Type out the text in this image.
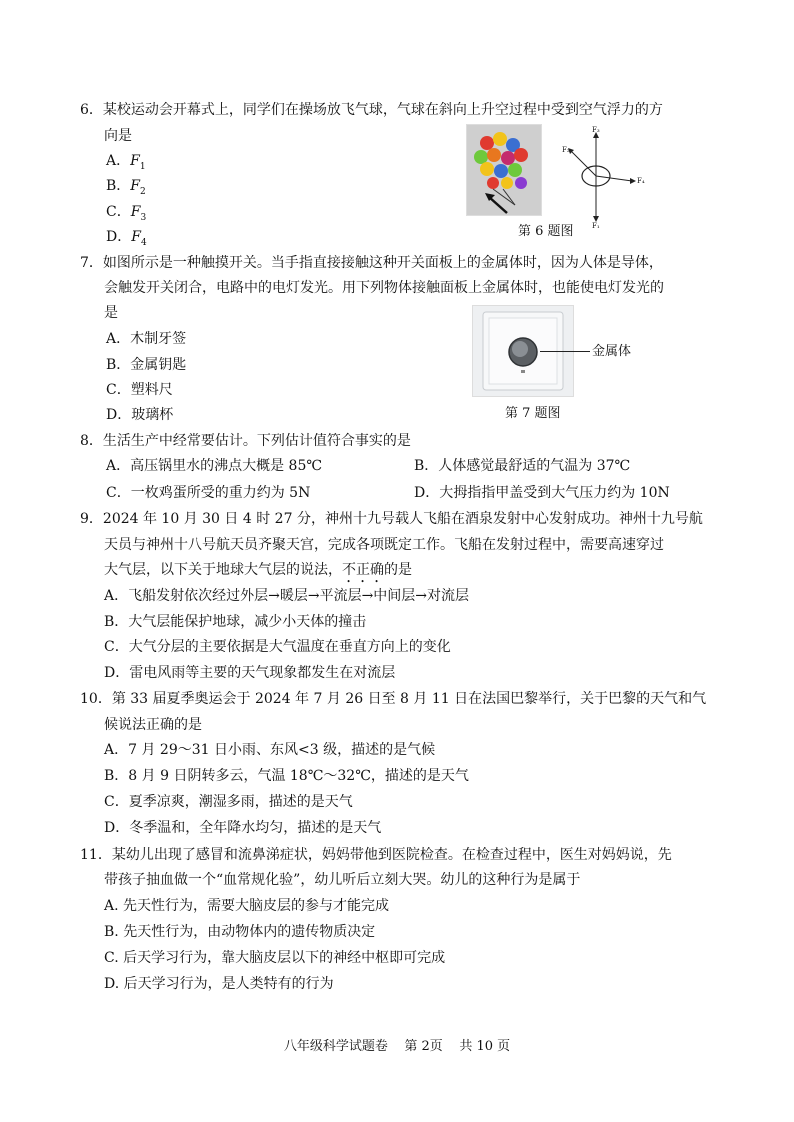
6．某校运动会开幕式上，同学们在操场放飞气球，气球在斜向上升空过程中受到空气浮力的方
向是
A．$F_1$
B．$F_2$
C．$F_3$
D．$F_4$
F₃
F₂
F₄
F₁
第 6 题图
7．如图所示是一种触摸开关。当手指直接接触这种开关面板上的金属体时，因为人体是导体，
会触发开关闭合，电路中的电灯发光。用下列物体接触面板上金属体时，也能使电灯发光的
是
A．木制牙签
B．金属钥匙
C．塑料尺
D．玻璃杯
金属体
第 7 题图
8．生活生产中经常要估计。下列估计值符合事实的是
A．高压锅里水的沸点大概是 85℃	B．人体感觉最舒适的气温为 37℃
C．一枚鸡蛋所受的重力约为 5N	D．大拇指指甲盖受到大气压力约为 10N
9．2024 年 10 月 30 日 4 时 27 分，神州十九号载人飞船在酒泉发射中心发射成功。神州十九号航
天员与神州十八号航天员齐聚天宫，完成各项既定工作。飞船在发射过程中，需要高速穿过
大气层，以下关于地球大气层的说法，不正确的是
A．飞船发射依次经过外层→暖层→平流层→中间层→对流层
B．大气层能保护地球，减少小天体的撞击
C．大气分层的主要依据是大气温度在垂直方向上的变化
D．雷电风雨等主要的天气现象都发生在对流层
10．第 33 届夏季奥运会于 2024 年 7 月 26 日至 8 月 11 日在法国巴黎举行，关于巴黎的天气和气
候说法正确的是
A．7 月 29～31 日小雨、东风<3 级，描述的是气候
B．8 月 9 日阴转多云，气温 18℃～32℃，描述的是天气
C．夏季凉爽，潮湿多雨，描述的是天气
D．冬季温和，全年降水均匀，描述的是天气
11．某幼儿出现了感冒和流鼻涕症状，妈妈带他到医院检查。在检查过程中，医生对妈妈说，先
带孩子抽血做一个“血常规化验”，幼儿听后立刻大哭。幼儿的这种行为是属于
A. 先天性行为，需要大脑皮层的参与才能完成
B. 先天性行为，由动物体内的遗传物质决定
C. 后天学习行为，靠大脑皮层以下的神经中枢即可完成
D. 后天学习行为，是人类特有的行为
八年级科学试题卷    第 2页    共 10 页
